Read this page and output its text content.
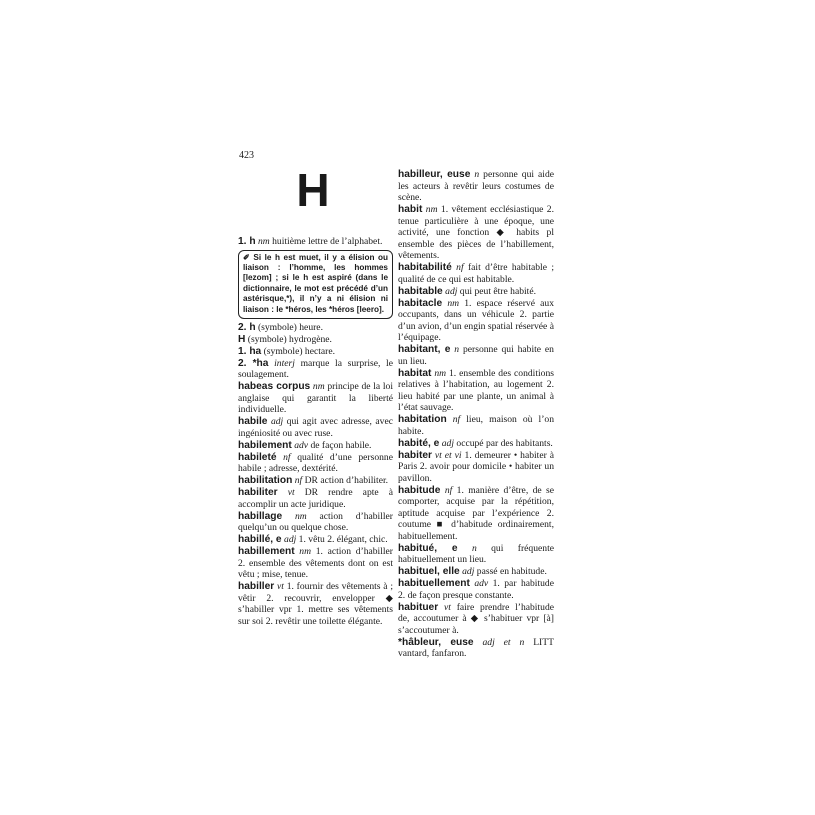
423
H
1. h nm huitième lettre de l’alphabet.
✐ Si le h est muet, il y a élision ou liaison : l’homme, les hommes [lezom] ; si le h est aspiré (dans le dictionnaire, le mot est précédé d’un astérisque,*), il n’y a ni élision ni liaison : le *héros, les *héros [leero].
2. h (symbole) heure.
H (symbole) hydrogène.
1. ha (symbole) hectare.
2. *ha interj marque la surprise, le soulagement.
habeas corpus nm principe de la loi anglaise qui garantit la liberté individuelle.
habile adj qui agit avec adresse, avec ingéniosité ou avec ruse.
habilement adv de façon habile.
habileté nf qualité d’une personne habile ; adresse, dextérité.
habilitation nf DR action d’habiliter.
habiliter vt DR rendre apte à accomplir un acte juridique.
habillage nm action d’habiller quelqu’un ou quelque chose.
habillé, e adj 1. vêtu 2. élégant, chic.
habillement nm 1. action d’habiller 2. ensemble des vêtements dont on est vêtu ; mise, tenue.
habiller vt 1. fournir des vêtements à ; vêtir 2. recouvrir, envelopper ◆ s’habiller vpr 1. mettre ses vêtements sur soi 2. revêtir une toilette élégante.
habilleur, euse n personne qui aide les acteurs à revêtir leurs costumes de scène.
habit nm 1. vêtement ecclésiastique 2. tenue particulière à une époque, une activité, une fonction ◆ habits pl ensemble des pièces de l’habillement, vêtements.
habitabilité nf fait d’être habitable ; qualité de ce qui est habitable.
habitable adj qui peut être habité.
habitacle nm 1. espace réservé aux occupants, dans un véhicule 2. partie d’un avion, d’un engin spatial réservée à l’équipage.
habitant, e n personne qui habite en un lieu.
habitat nm 1. ensemble des conditions relatives à l’habitation, au logement 2. lieu habité par une plante, un animal à l’état sauvage.
habitation nf lieu, maison où l’on habite.
habité, e adj occupé par des habitants.
habiter vt et vi 1. demeurer • habiter à Paris 2. avoir pour domicile • habiter un pavillon.
habitude nf 1. manière d’être, de se comporter, acquise par la répétition, aptitude acquise par l’expérience 2. coutume ■ d’habitude ordinairement, habituellement.
habitué, e n qui fréquente habituellement un lieu.
habituel, elle adj passé en habitude.
habituellement adv 1. par habitude 2. de façon presque constante.
habituer vt faire prendre l’habitude de, accoutumer à ◆ s’habituer vpr [à] s’accoutumer à.
*hâbleur, euse adj et n LITT vantard, fanfaron.
